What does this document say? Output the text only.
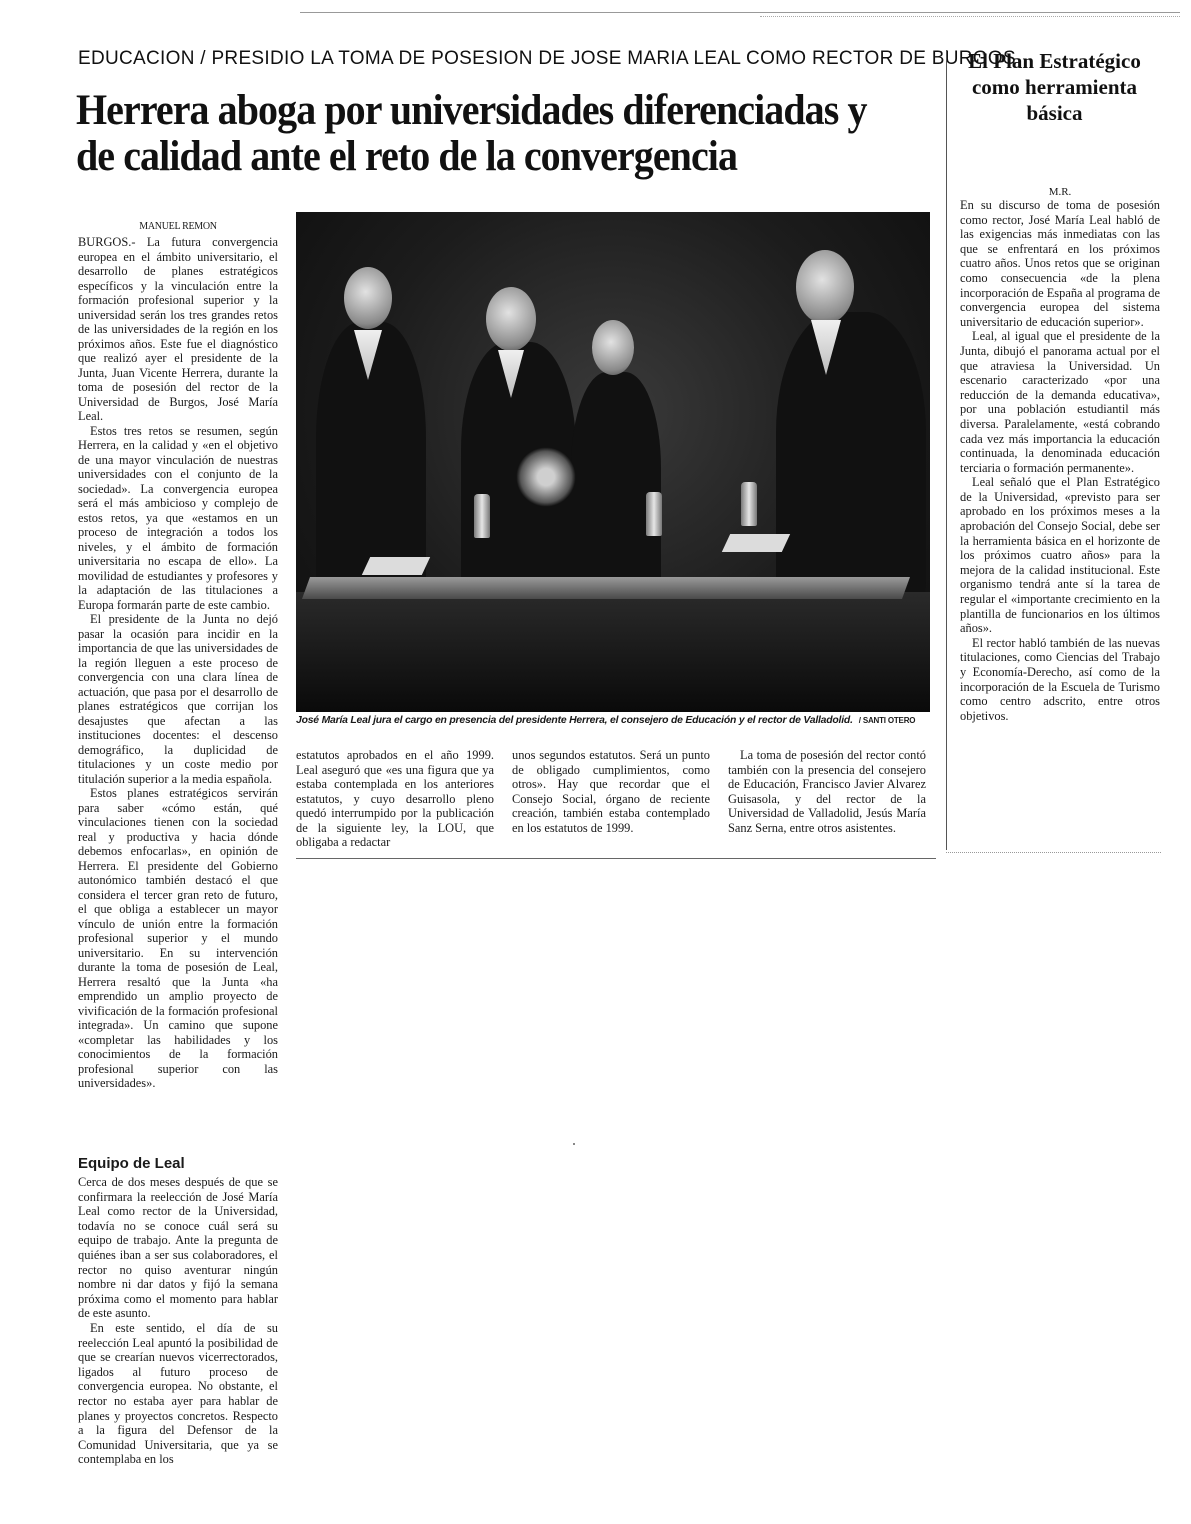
EDUCACION / PRESIDIO LA TOMA DE POSESION DE JOSE MARIA LEAL COMO RECTOR DE BURGOS
Herrera aboga por universidades diferenciadas y de calidad ante el reto de la convergencia
El Plan Estratégico como herramienta básica
M.R.

En su discurso de toma de posesión como rector, José María Leal habló de las exigencias más inmediatas con las que se enfrentará en los próximos cuatro años. Unos retos que se originan como consecuencia «de la plena incorporación de España al programa de convergencia europea del sistema universitario de educación superior».

Leal, al igual que el presidente de la Junta, dibujó el panorama actual por el que atraviesa la Universidad. Un escenario caracterizado «por una reducción de la demanda educativa», por una población estudiantil más diversa. Paralelamente, «está cobrando cada vez más importancia la educación continuada, la denominada educación terciaria o formación permanente».

Leal señaló que el Plan Estratégico de la Universidad, «previsto para ser aprobado en los próximos meses a la aprobación del Consejo Social, debe ser la herramienta básica en el horizonte de los próximos cuatro años» para la mejora de la calidad institucional. Este organismo tendrá ante sí la tarea de regular el «importante crecimiento en la plantilla de funcionarios en los últimos años».

El rector habló también de las nuevas titulaciones, como Ciencias del Trabajo y Economía-Derecho, así como de la incorporación de la Escuela de Turismo como centro adscrito, entre otros objetivos.

MANUEL REMON

BURGOS.- La futura convergencia europea en el ámbito universitario, el desarrollo de planes estratégicos específicos y la vinculación entre la formación profesional superior y la universidad serán los tres grandes retos de las universidades de la región en los próximos años. Este fue el diagnóstico que realizó ayer el presidente de la Junta, Juan Vicente Herrera, durante la toma de posesión del rector de la Universidad de Burgos, José María Leal.

Estos tres retos se resumen, según Herrera, en la calidad y «en el objetivo de una mayor vinculación de nuestras universidades con el conjunto de la sociedad». La convergencia europea será el más ambicioso y complejo de estos retos, ya que «estamos en un proceso de integración a todos los niveles, y el ámbito de formación universitaria no escapa de ello». La movilidad de estudiantes y profesores y la adaptación de las titulaciones a Europa formarán parte de este cambio.

El presidente de la Junta no dejó pasar la ocasión para incidir en la importancia de que las universidades de la región lleguen a este proceso de convergencia con una clara línea de actuación, que pasa por el desarrollo de planes estratégicos que corrijan los desajustes que afectan a las instituciones docentes: el descenso demográfico, la duplicidad de titulaciones y un coste medio por titulación superior a la media española.

Estos planes estratégicos servirán para saber «cómo están, qué vinculaciones tienen con la sociedad real y productiva y hacia dónde debemos enfocarlas», en opinión de Herrera. El presidente del Gobierno autonómico también destacó el que considera el tercer gran reto de futuro, el que obliga a establecer un mayor vínculo de unión entre la formación profesional superior y el mundo universitario. En su intervención durante la toma de posesión de Leal, Herrera resaltó que la Junta «ha emprendido un amplio proyecto de vivificación de la formación profesional integrada». Un camino que supone «completar las habilidades y los conocimientos de la formación profesional superior con las universidades».

Equipo de Leal

Cerca de dos meses después de que se confirmara la reelección de José María Leal como rector de la Universidad, todavía no se conoce cuál será su equipo de trabajo. Ante la pregunta de quiénes iban a ser sus colaboradores, el rector no quiso aventurar ningún nombre ni dar datos y fijó la semana próxima como el momento para hablar de este asunto.

En este sentido, el día de su reelección Leal apuntó la posibilidad de que se crearían nuevos vicerrectorados, ligados al futuro proceso de convergencia europea. No obstante, el rector no estaba ayer para hablar de planes y proyectos concretos. Respecto a la figura del Defensor de la Comunidad Universitaria, que ya se contemplaba en los

José María Leal jura el cargo en presencia del presidente Herrera, el consejero de Educación y el rector de Valladolid. / SANTI OTERO

estatutos aprobados en el año 1999. Leal aseguró que «es una figura que ya estaba contemplada en los anteriores estatutos, y cuyo desarrollo pleno quedó interrumpido por la publicación de la siguiente ley, la LOU, que obligaba a redactar

unos segundos estatutos. Será un punto de obligado cumplimientos, como otros». Hay que recordar que el Consejo Social, órgano de reciente creación, también estaba contemplado en los estatutos de 1999.

La toma de posesión del rector contó también con la presencia del consejero de Educación, Francisco Javier Alvarez Guisasola, y del rector de la Universidad de Valladolid, Jesús María Sanz Serna, entre otros asistentes.
